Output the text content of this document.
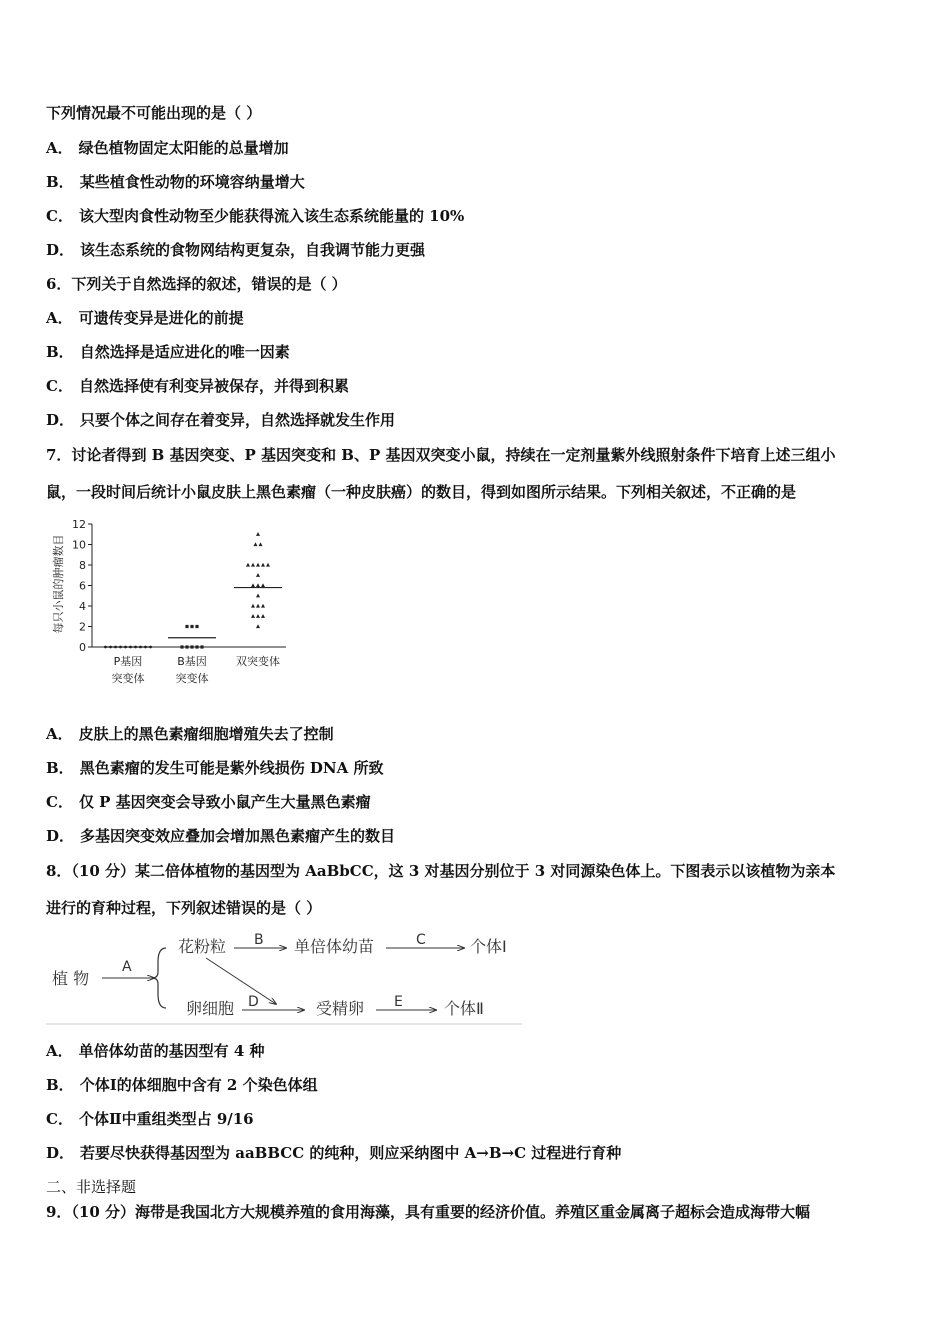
下列情况最不可能出现的是（ ）
A． 绿色植物固定太阳能的总量增加
B． 某些植食性动物的环境容纳量增大
C． 该大型肉食性动物至少能获得流入该生态系统能量的 10%
D． 该生态系统的食物网结构更复杂，自我调节能力更强
6．下列关于自然选择的叙述，错误的是（ ）
A． 可遗传变异是进化的前提
B． 自然选择是适应进化的唯一因素
C． 自然选择使有利变异被保存，并得到积累
D． 只要个体之间存在着变异，自然选择就发生作用
7．讨论者得到 B 基因突变、P 基因突变和 B、P 基因双突变小鼠，持续在一定剂量紫外线照射条件下培育上述三组小
鼠，一段时间后统计小鼠皮肤上黑色素瘤（一种皮肤癌）的数目，得到如图所示结果。下列相关叙述，不正确的是
每只小鼠的肿瘤数目
0
2
4
6
8
10
12
P基因
突变体
B基因
突变体
双突变体
A． 皮肤上的黑色素瘤细胞增殖失去了控制
B． 黑色素瘤的发生可能是紫外线损伤 DNA 所致
C． 仅 P 基因突变会导致小鼠产生大量黑色素瘤
D． 多基因突变效应叠加会增加黑色素瘤产生的数目
8．（10 分）某二倍体植物的基因型为 AaBbCC，这 3 对基因分别位于 3 对同源染色体上。下图表示以该植物为亲本
进行的育种过程，下列叙述错误的是（ ）
植 物
A
花粉粒 B 单倍体幼苗	C	个体Ⅰ
卵细胞 D	受精卵 E	个体Ⅱ
A． 单倍体幼苗的基因型有 4 种
B． 个体Ⅰ的体细胞中含有 2 个染色体组
C． 个体Ⅱ中重组类型占 9/16
D． 若要尽快获得基因型为 aaBBCC 的纯种，则应采纳图中 A→B→C 过程进行育种
二、非选择题
9．（10 分）海带是我国北方大规模养殖的食用海藻，具有重要的经济价值。养殖区重金属离子超标会造成海带大幅
